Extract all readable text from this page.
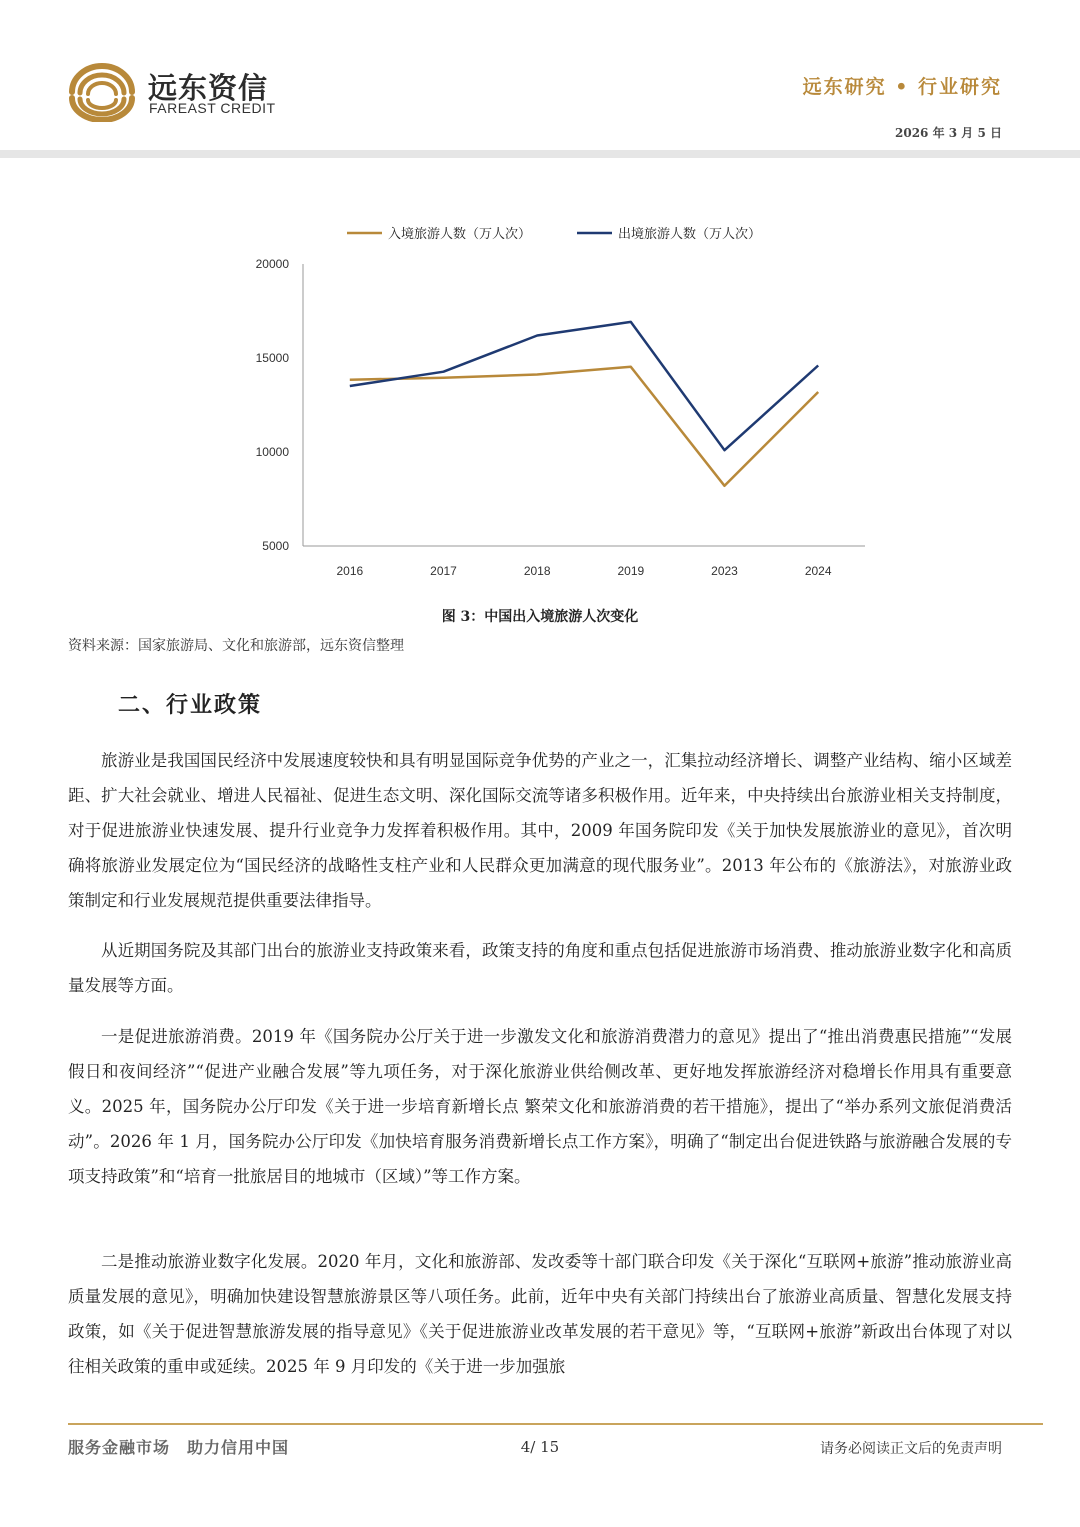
远东资信
FAREAST CREDIT
远东研究 • 行业研究
2026 年 3 月 5 日
5000
10000
15000
20000
2016	2017	2018	2019	2023	2024
入境旅游人数（万人次）	出境旅游人数（万人次）
图 3：中国出入境旅游人次变化
资料来源：国家旅游局、文化和旅游部，远东资信整理
二、行业政策

旅游业是我国国民经济中发展速度较快和具有明显国际竞争优势的产业之一，汇集拉动经济增长、调整产业结构、缩小区域差距、扩大社会就业、增进人民福祉、促进生态文明、深化国际交流等诸多积极作用。近年来，中央持续出台旅游业相关支持制度，对于促进旅游业快速发展、提升行业竞争力发挥着积极作用。其中，2009 年国务院印发《关于加快发展旅游业的意见》，首次明确将旅游业发展定位为“国民经济的战略性支柱产业和人民群众更加满意的现代服务业”。2013 年公布的《旅游法》，对旅游业政策制定和行业发展规范提供重要法律指导。

从近期国务院及其部门出台的旅游业支持政策来看，政策支持的角度和重点包括促进旅游市场消费、推动旅游业数字化和高质量发展等方面。

一是促进旅游消费。2019 年《国务院办公厅关于进一步激发文化和旅游消费潜力的意见》提出了“推出消费惠民措施”“发展假日和夜间经济”“促进产业融合发展”等九项任务，对于深化旅游业供给侧改革、更好地发挥旅游经济对稳增长作用具有重要意义。2025 年，国务院办公厅印发《关于进一步培育新增长点 繁荣文化和旅游消费的若干措施》，提出了“举办系列文旅促消费活动”。2026 年 1 月，国务院办公厅印发《加快培育服务消费新增长点工作方案》，明确了“制定出台促进铁路与旅游融合发展的专项支持政策”和“培育一批旅居目的地城市（区域）”等工作方案。

二是推动旅游业数字化发展。2020 年月，文化和旅游部、发改委等十部门联合印发《关于深化“互联网+旅游”推动旅游业高质量发展的意见》，明确加快建设智慧旅游景区等八项任务。此前，近年中央有关部门持续出台了旅游业高质量、智慧化发展支持政策，如《关于促进智慧旅游发展的指导意见》《关于促进旅游业改革发展的若干意见》等，“互联网+旅游”新政出台体现了对以往相关政策的重申或延续。2025 年 9 月印发的《关于进一步加强旅

服务金融市场　助力信用中国	4/ 15	请务必阅读正文后的免责声明
